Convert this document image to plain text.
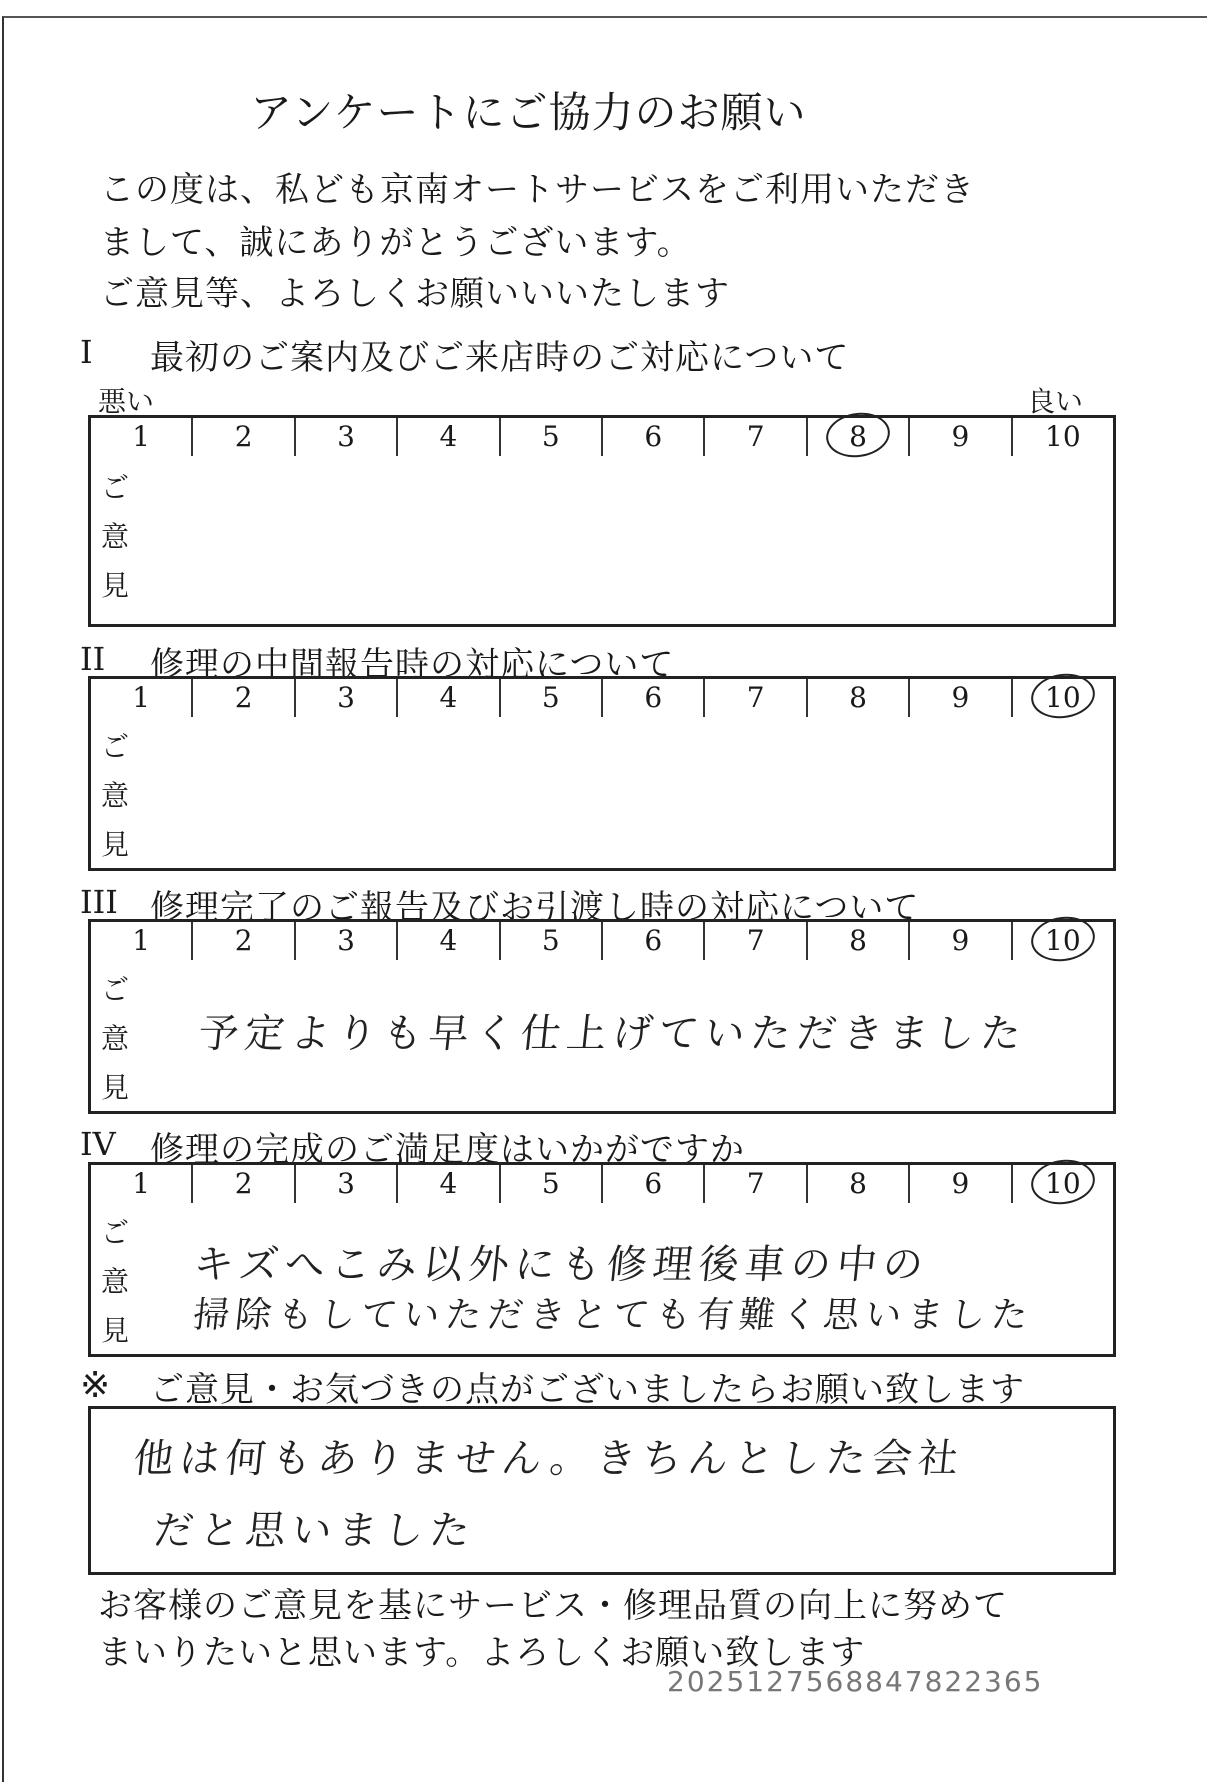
アンケートにご協力のお願い
この度は、私ども京南オートサービスをご利用いただき
まして、誠にありがとうございます。
ご意見等、よろしくお願いいいたします
悪い	良い
I 最初のご案内及びご来店時のご対応について
1	2	3	4	5	6	7	8	9	10
ご
意
見
II 修理の中間報告時の対応について
1	2	3	4	5	6	7	8	9	10
ご
意
見
III 修理完了のご報告及びお引渡し時の対応について
1	2	3	4	5	6	7	8	9	10
ご
意
見
予定よりも早く仕上げていただきました
IV 修理の完成のご満足度はいかがですか
1	2	3	4	5	6	7	8	9	10
ご
意
見
キズへこみ以外にも修理後車の中の
掃除もしていただきとても有難く思いました
※ ご意見・お気づきの点がございましたらお願い致します
他は何もありません。きちんとした会社
だと思いました
お客様のご意見を基にサービス・修理品質の向上に努めて
まいりたいと思います。よろしくお願い致します
2025127568847822365
